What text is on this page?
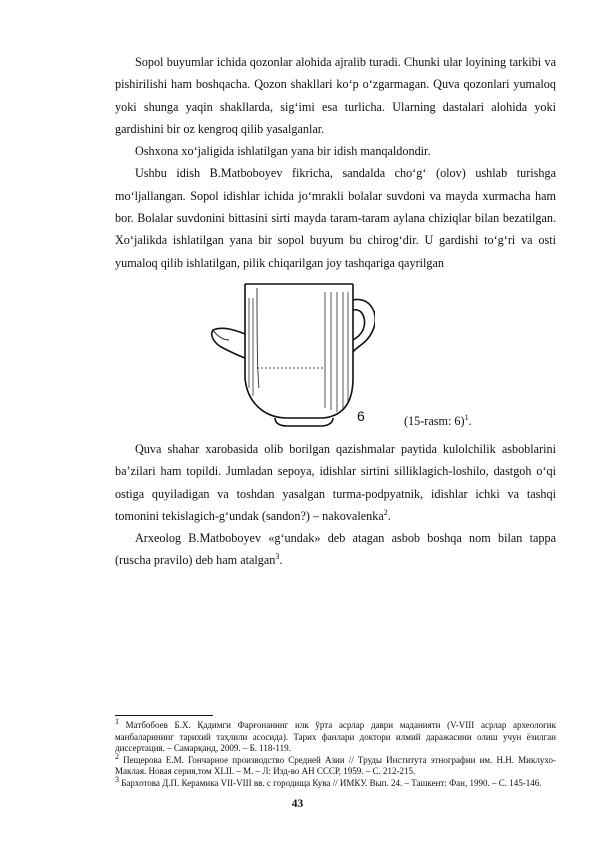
Sopol buyumlar ichida qozonlar alohida ajralib turadi. Chunki ular loyining tarkibi va pishirilishi ham boshqacha. Qozon shakllari ko‘p o‘zgarmagan. Quva qozonlari yumaloq yoki shunga yaqin shakllarda, sig‘imi esa turlicha. Ularning dastalari alohida yoki gardishini bir oz kengroq qilib yasalganlar.

Oshxona xo‘jaligida ishlatilgan yana bir idish manqaldondir.

Ushbu idish B.Matboboyev fikricha, sandalda cho‘g‘ (olov) ushlab turishga mo‘ljallangan. Sopol idishlar ichida jo‘mrakli bolalar suvdoni va mayda xurmacha ham bor. Bolalar suvdonini bittasini sirti mayda taram-taram aylana chiziqlar bilan bezatilgan. Xo‘jalikda ishlatilgan yana bir sopol buyum bu chirog‘dir. U gardishi to‘g‘ri va osti yumaloq qilib ishlatilgan, pilik chiqarilgan joy tashqariga qayrilgan

6	(15-rasm: 6)$^1$.

Quva shahar xarobasida olib borilgan qazishmalar paytida kulolchilik asboblarini ba’zilari ham topildi. Jumladan sepoya, idishlar sirtini silliklagich-loshilo, dastgoh o‘qi ostiga quyiladigan va toshdan yasalgan turma-podpyatnik, idishlar ichki va tashqi tomonini tekislagich-g‘undak (sandon?) – nakovalenka$^2$.

Arxeolog B.Matboboyev «g‘undak» deb atagan asbob boshqa nom bilan tappa (ruscha pravilo) deb ham atalgan$^3$.

$^1$ Матбобоев Б.Х. Қадимги Фарғонанинг илк ўрта асрлар даври маданияти (V-VIII асрлар археологик манбаларининг тарихий таҳлили асосида). Тарих фанлари доктори илмий даражасини олиш учун ёзилган диссертация. – Самарқанд, 2009. – Б. 118-119.

$^2$ Пещерова Е.М. Гончарное производство Средней Азии // Труды Института этнографии им. Н.Н. Миклухо-Маклая. Новая серия,том XLII. – М. – Л: Изд-во АН СССР, 1959. – С. 212-215.

$^3$ Бархотова Д.П. Керамика VII-VIII вв. с городища Кува // ИМКУ. Вып. 24. – Ташкент: Фан, 1990. – С. 145-146.

43
